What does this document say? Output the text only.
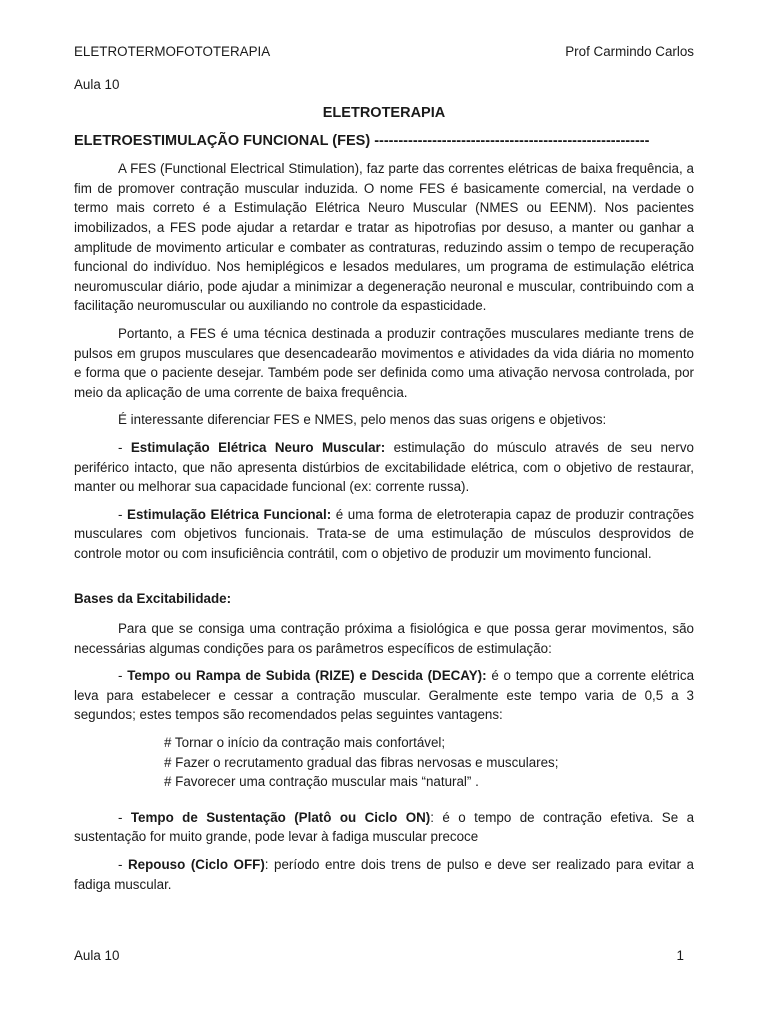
ELETROTERMOFOTOTERAPIA	Prof Carmindo Carlos
Aula 10
ELETROTERAPIA
ELETROESTIMULAÇÃO FUNCIONAL (FES) ---------------------------------------------------------

A FES (Functional Electrical Stimulation), faz parte das correntes elétricas de baixa frequência, a fim de promover contração muscular induzida. O nome FES é basicamente comercial, na verdade o termo mais correto é a Estimulação Elétrica Neuro Muscular (NMES ou EENM). Nos pacientes imobilizados, a FES pode ajudar a retardar e tratar as hipotrofias por desuso, a manter ou ganhar a amplitude de movimento articular e combater as contraturas, reduzindo assim o tempo de recuperação funcional do indivíduo. Nos hemiplégicos e lesados medulares, um programa de estimulação elétrica neuromuscular diário, pode ajudar a minimizar a degeneração neuronal e muscular, contribuindo com a facilitação neuromuscular ou auxiliando no controle da espasticidade.

Portanto, a FES é uma técnica destinada a produzir contrações musculares mediante trens de pulsos em grupos musculares que desencadearão movimentos e atividades da vida diária no momento e forma que o paciente desejar. Também pode ser definida como uma ativação nervosa controlada, por meio da aplicação de uma corrente de baixa frequência.

É interessante diferenciar FES e NMES, pelo menos das suas origens e objetivos:

- Estimulação Elétrica Neuro Muscular: estimulação do músculo através de seu nervo periférico intacto, que não apresenta distúrbios de excitabilidade elétrica, com o objetivo de restaurar, manter ou melhorar sua capacidade funcional (ex: corrente russa).

- Estimulação Elétrica Funcional: é uma forma de eletroterapia capaz de produzir contrações musculares com objetivos funcionais. Trata-se de uma estimulação de músculos desprovidos de controle motor ou com insuficiência contrátil, com o objetivo de produzir um movimento funcional.

Bases da Excitabilidade:

Para que se consiga uma contração próxima a fisiológica e que possa gerar movimentos, são necessárias algumas condições para os parâmetros específicos de estimulação:

- Tempo ou Rampa de Subida (RIZE) e Descida (DECAY): é o tempo que a corrente elétrica leva para estabelecer e cessar a contração muscular. Geralmente este tempo varia de 0,5 a 3 segundos; estes tempos são recomendados pelas seguintes vantagens:

# Tornar o início da contração mais confortável;
# Fazer o recrutamento gradual das fibras nervosas e musculares;
# Favorecer uma contração muscular mais “natural” .

- Tempo de Sustentação (Platô ou Ciclo ON): é o tempo de contração efetiva. Se a sustentação for muito grande, pode levar à fadiga muscular precoce

- Repouso (Ciclo OFF): período entre dois trens de pulso e deve ser realizado para evitar a fadiga muscular.

Aula 10	1
